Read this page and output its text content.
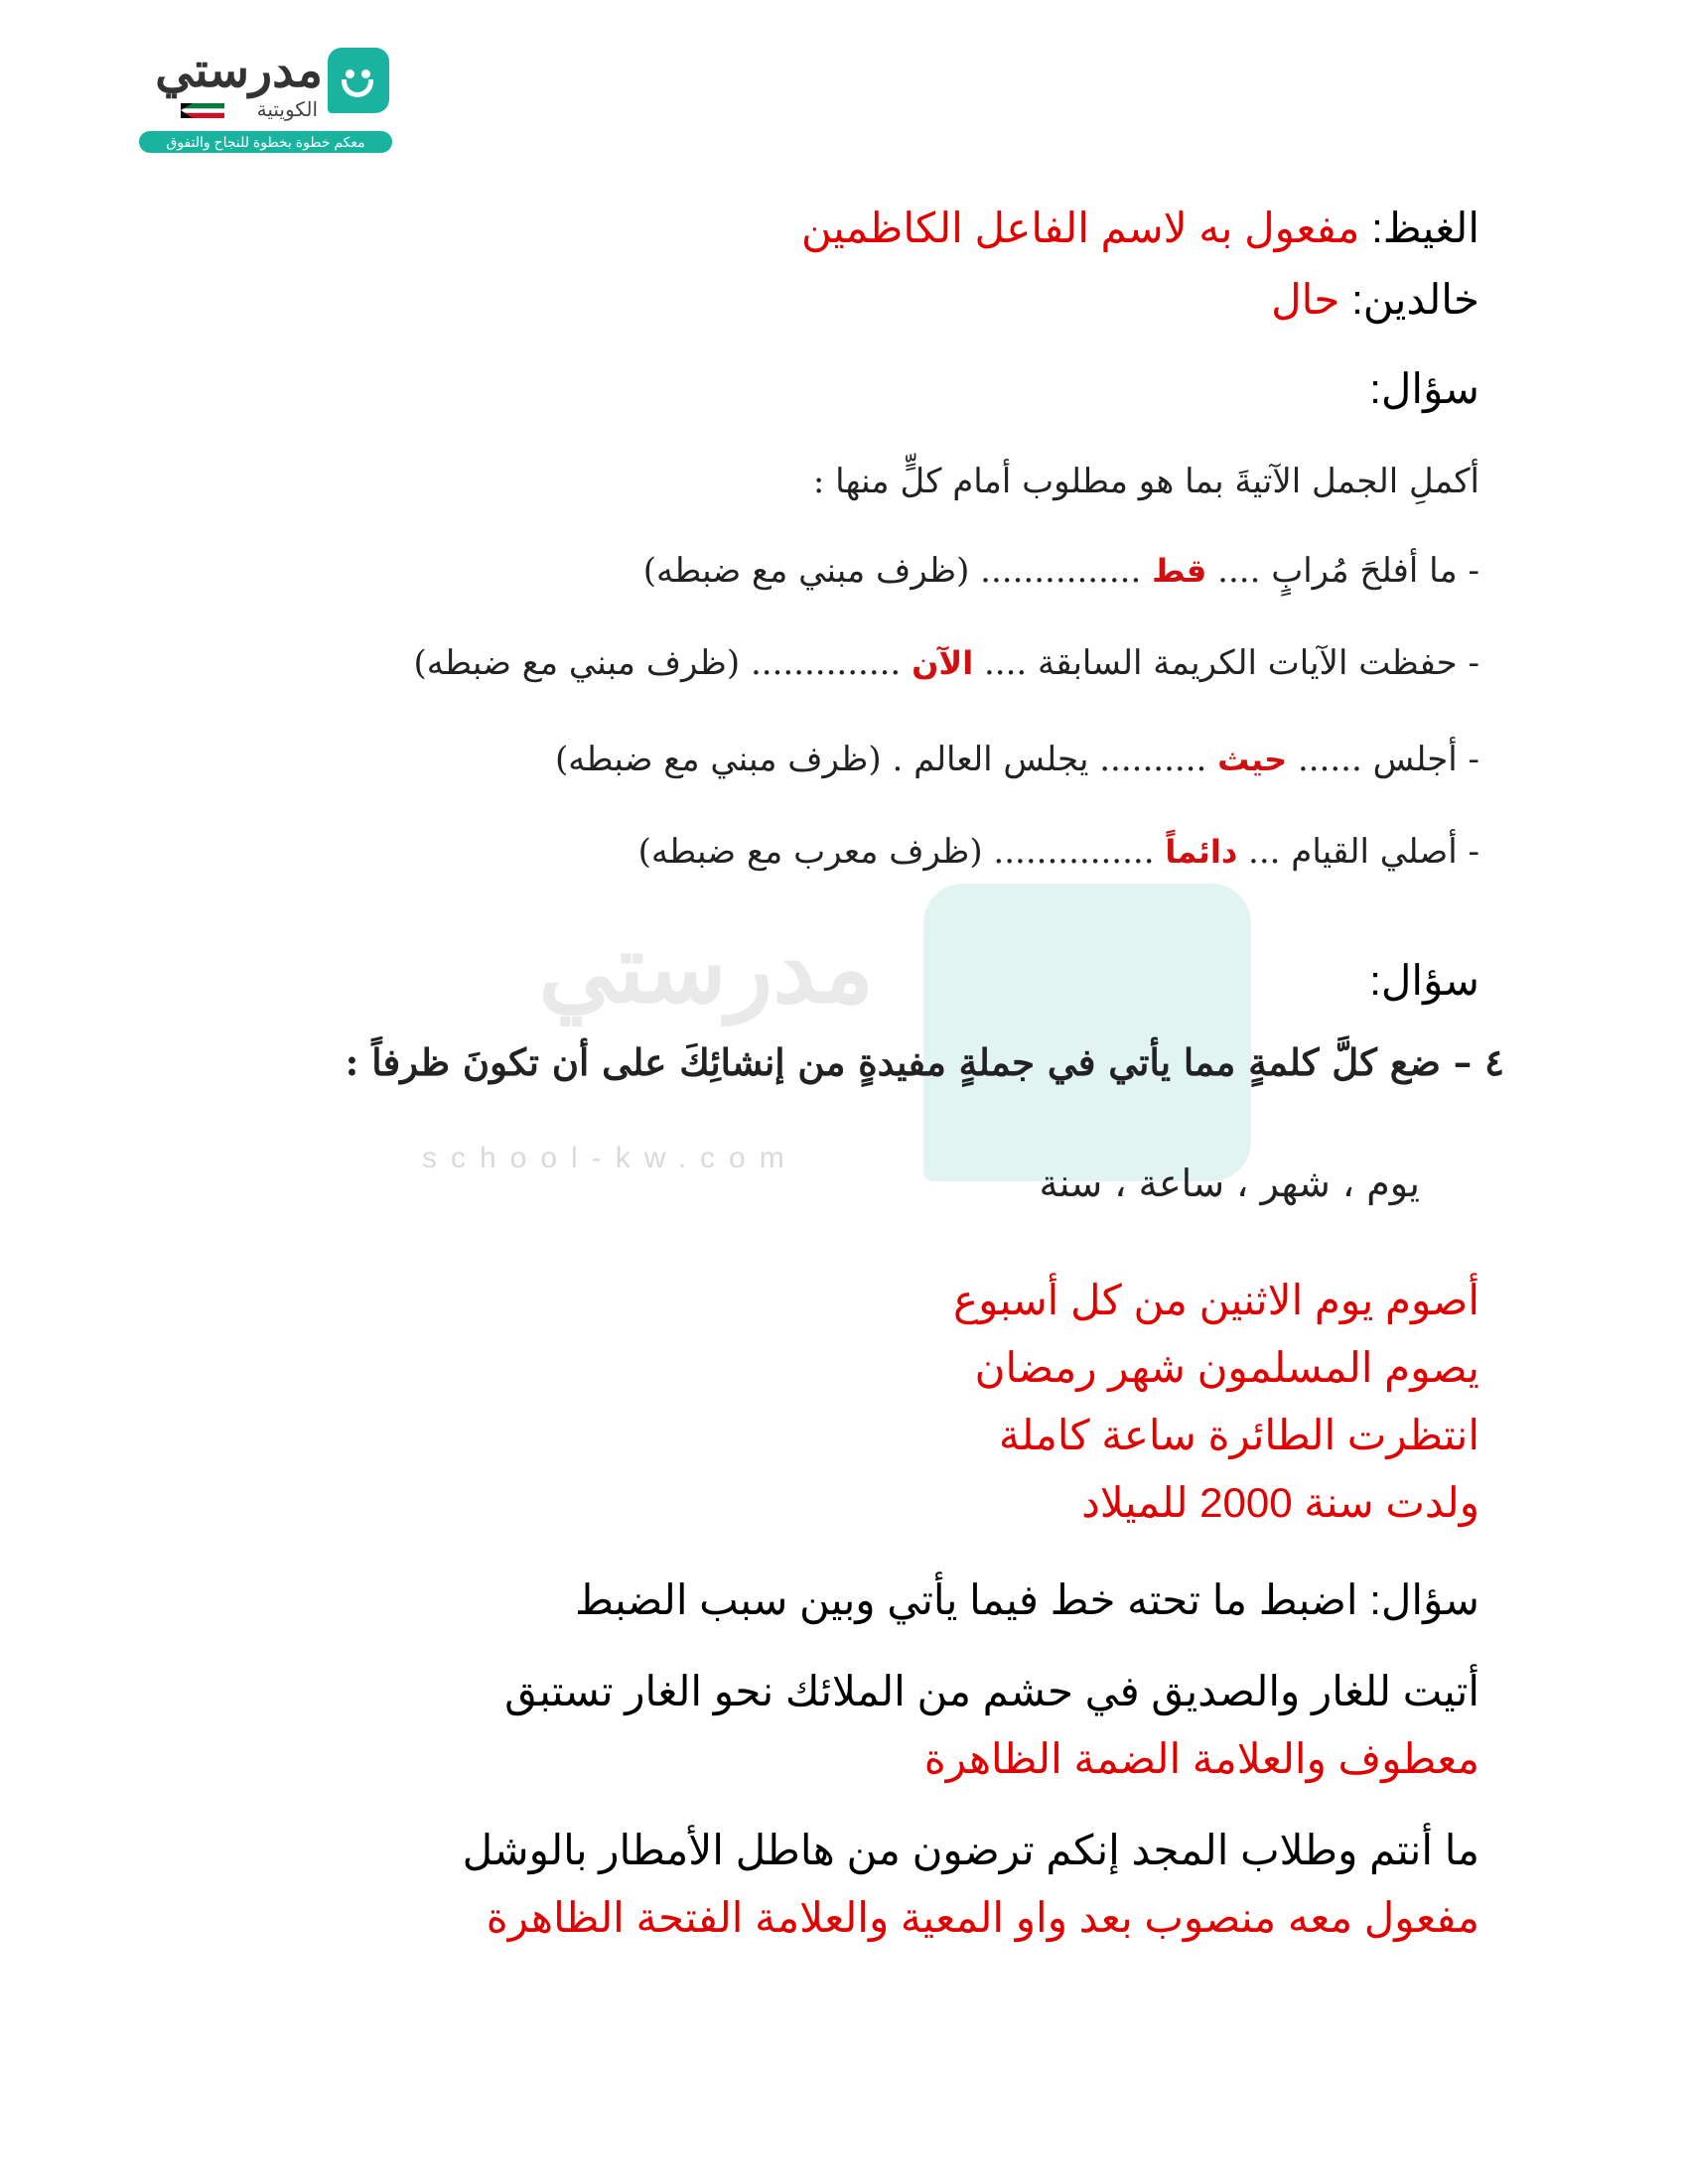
مدرستي
school-kw.com
مدرستي
الكويتية
معكم خطوة بخطوة للنجاح والتفوق
الغيظ: مفعول به لاسم الفاعل الكاظمين
خالدين: حال
سؤال:
أكملِ الجمل الآتيةَ بما هو مطلوب أمام كلٍّ منها :
- ما أفلحَ مُرابٍ .... قط ............... (ظرف مبني مع ضبطه)
- حفظت الآيات الكريمة السابقة .... الآن .............. (ظرف مبني مع ضبطه)
- أجلس ...... حيث .......... يجلس العالم . (ظرف مبني مع ضبطه)
- أصلي القيام ... دائماً ............... (ظرف معرب مع ضبطه)
سؤال:
٤ – ضع كلَّ كلمةٍ مما يأتي في جملةٍ مفيدةٍ من إنشائِكَ على أن تكونَ ظرفاً :
يوم ، شهر ، ساعة ، سنة
أصوم يوم الاثنين من كل أسبوع
يصوم المسلمون شهر رمضان
انتظرت الطائرة ساعة كاملة
ولدت سنة 2000 للميلاد
سؤال: اضبط ما تحته خط فيما يأتي وبين سبب الضبط
أتيت للغار والصديق في حشم من الملائك نحو الغار تستبق
معطوف والعلامة الضمة الظاهرة
ما أنتم وطلاب المجد إنكم ترضون من هاطل الأمطار بالوشل
مفعول معه منصوب بعد واو المعية والعلامة الفتحة الظاهرة
